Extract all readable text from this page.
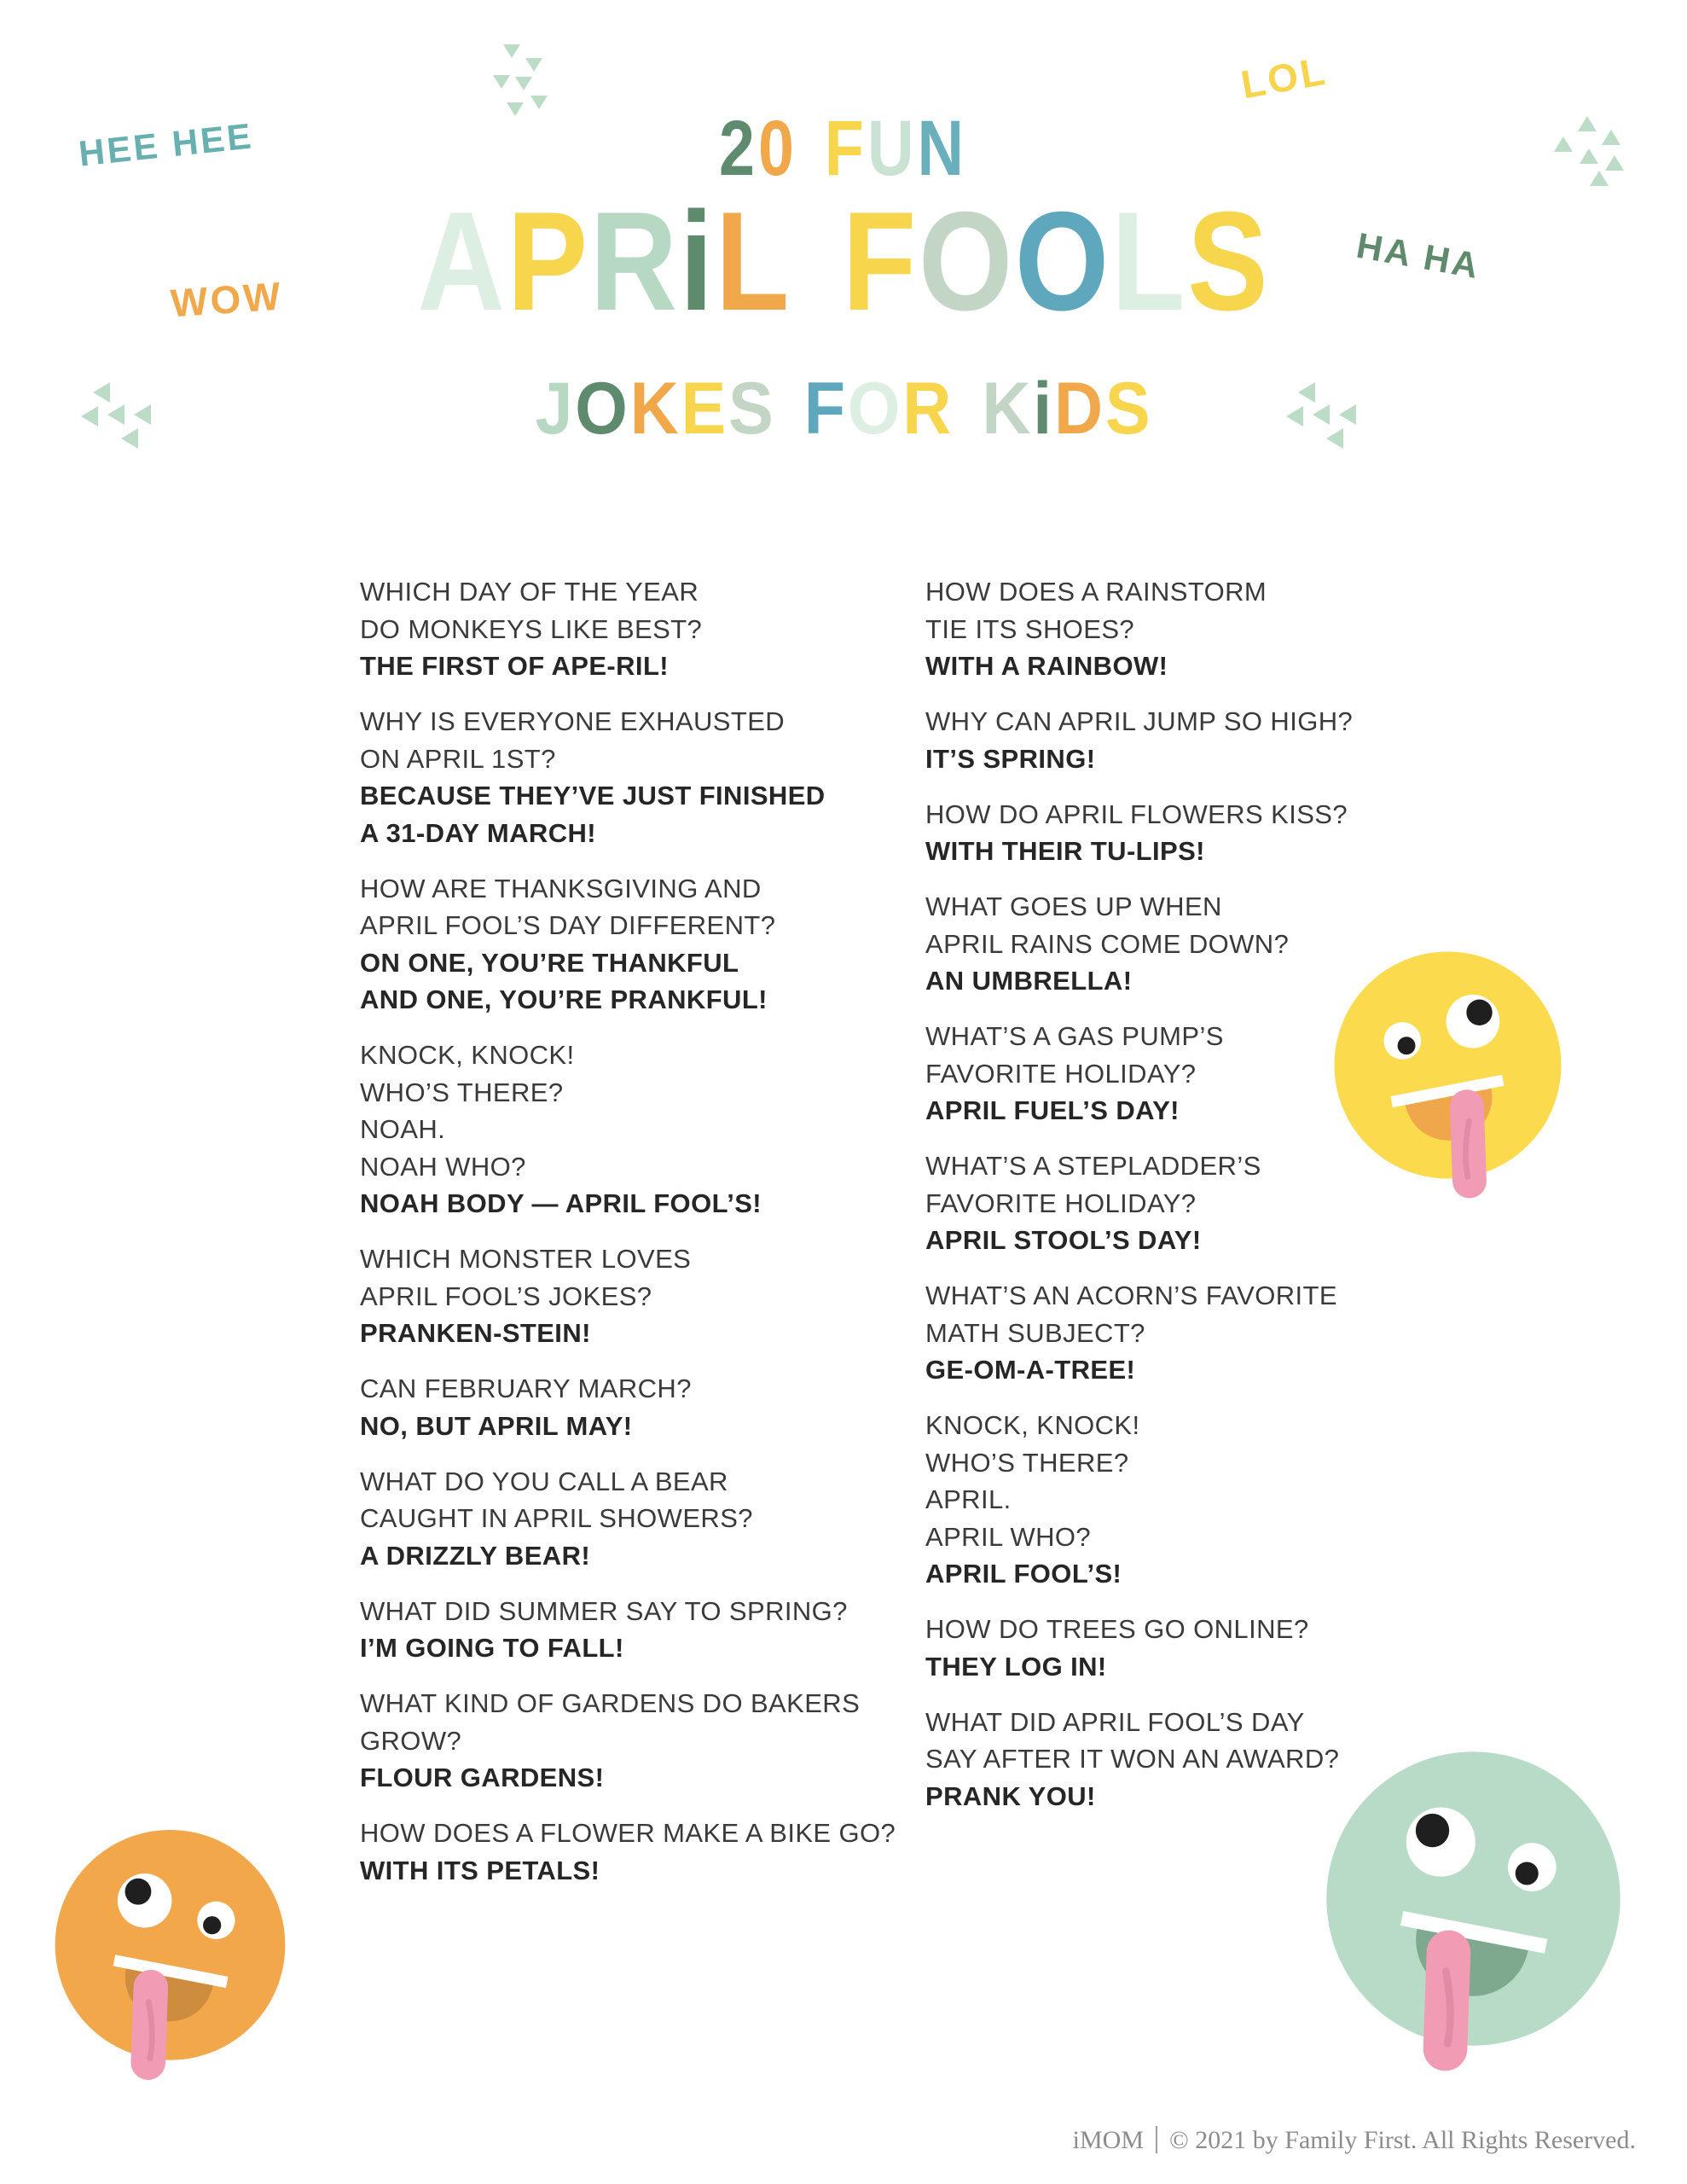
HEE HEE
WOW
LOL
HA HA
20 FUN
APRiL FOOLS
JOKES FOR KiDS
WHICH DAY OF THE YEAR
DO MONKEYS LIKE BEST?
THE FIRST OF APE-RIL!
WHY IS EVERYONE EXHAUSTED
ON APRIL 1ST?
BECAUSE THEY’VE JUST FINISHED
A 31-DAY MARCH!
HOW ARE THANKSGIVING AND
APRIL FOOL’S DAY DIFFERENT?
ON ONE, YOU’RE THANKFUL
AND ONE, YOU’RE PRANKFUL!
KNOCK, KNOCK!
WHO’S THERE?
NOAH.
NOAH WHO?
NOAH BODY — APRIL FOOL’S!
WHICH MONSTER LOVES
APRIL FOOL’S JOKES?
PRANKEN-STEIN!
CAN FEBRUARY MARCH?
NO, BUT APRIL MAY!
WHAT DO YOU CALL A BEAR
CAUGHT IN APRIL SHOWERS?
A DRIZZLY BEAR!
WHAT DID SUMMER SAY TO SPRING?
I’M GOING TO FALL!
WHAT KIND OF GARDENS DO BAKERS
GROW?
FLOUR GARDENS!
HOW DOES A FLOWER MAKE A BIKE GO?
WITH ITS PETALS!
HOW DOES A RAINSTORM
TIE ITS SHOES?
WITH A RAINBOW!
WHY CAN APRIL JUMP SO HIGH?
IT’S SPRING!
HOW DO APRIL FLOWERS KISS?
WITH THEIR TU-LIPS!
WHAT GOES UP WHEN
APRIL RAINS COME DOWN?
AN UMBRELLA!
WHAT’S A GAS PUMP’S
FAVORITE HOLIDAY?
APRIL FUEL’S DAY!
WHAT’S A STEPLADDER’S
FAVORITE HOLIDAY?
APRIL STOOL’S DAY!
WHAT’S AN ACORN’S FAVORITE
MATH SUBJECT?
GE-OM-A-TREE!
KNOCK, KNOCK!
WHO’S THERE?
APRIL.
APRIL WHO?
APRIL FOOL’S!
HOW DO TREES GO ONLINE?
THEY LOG IN!
WHAT DID APRIL FOOL’S DAY
SAY AFTER IT WON AN AWARD?
PRANK YOU!
iMOM © 2021 by Family First. All Rights Reserved.
